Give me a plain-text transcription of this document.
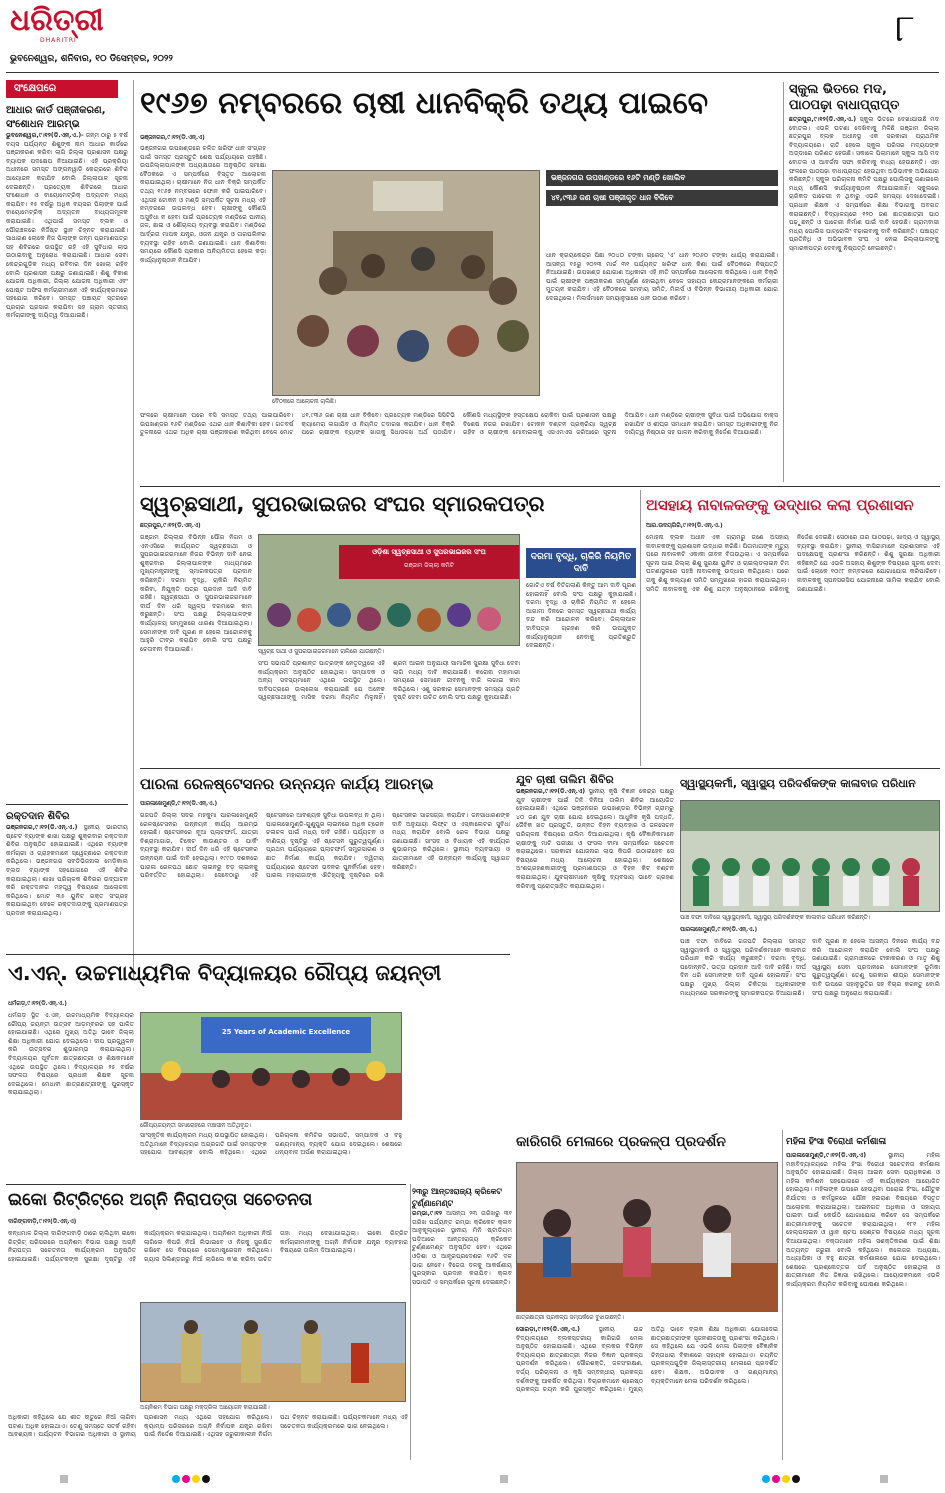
ଧରିତ୍ରୀ
DHARITRI
ଭୁବନେଶ୍ୱର, ଶନିବାର, ୧୦ ଡିସେମ୍ବର, ୨୦୨୨
୮
ସଂକ୍ଷେପରେ
ଆଧାର କାର୍ଡ ପଞ୍ଜୀକରଣ, ସଂଶୋଧନ ଆରମ୍ଭ
ଭୁବନେଶ୍ୱର,୯।୧୨(ଡି.ଏନ୍.ଏ.)- ଜନ୍ମ ଠାରୁ ୫ ବର୍ଷ ବୟସ ପର୍ଯ୍ୟନ୍ତ ଶିଶୁଙ୍କ ନାମ ଆଧାର କାର୍ଡରେ ପଞ୍ଜୀକରଣ କରିବା ଲାଗି ଜିଲ୍ଲା ପ୍ରଶାସନ ପକ୍ଷରୁ ବ୍ୟାପକ ପଦକ୍ଷେପ ନିଆଯାଇଛି। ଏହି ପ୍ରକ୍ରିୟା ଅଧୀନରେ ସମସ୍ତ ଅଙ୍ଗନୱାଡ଼ି କେନ୍ଦ୍ରରେ ଶିବିର ଆୟୋଜନ କରାଯିବ ବୋଲି ଜିଲ୍ଲାପାଳ ସୂଚନା ଦେଇଛନ୍ତି। ପ୍ରତ୍ୟେକ ଶିବିରରେ ଆଧାର ସଂଶୋଧନ ଓ ବାୟୋମେଟ୍ରିକ୍ ଅଦ୍ୟତନ ମଧ୍ୟ କରାଯିବ। ୧୫ ବର୍ଷରୁ ଅଧିକ ବୟସର ପିଲାଙ୍କ ପାଇଁ ବାୟୋମେଟ୍ରିକ୍ ଅଦ୍ୟତନ ବାଧ୍ୟତାମୂଳକ କରାଯାଇଛି। ଏଥିପାଇଁ ସମସ୍ତ ବ୍ଲକ ଓ ପୌରାଞ୍ଚଳରେ ନିର୍ଦ୍ଦିଷ୍ଟ ସ୍ଥାନ ଚିହ୍ନଟ କରାଯାଇଛି। ସାଧାରଣ ଲୋକେ ନିଜ ପିଲାଙ୍କ ଜନ୍ମ ପ୍ରମାଣପତ୍ର ସହ ଶିବିରରେ ଉପସ୍ଥିତ ରହି ଏହି ସୁବିଧାର ଲାଭ ଉଠାଇବାକୁ ଅନୁରୋଧ କରାଯାଇଛି। ଆଧାର ସେବା କେନ୍ଦ୍ରଗୁଡ଼ିକ ମଧ୍ୟ ରବିବାର ଦିନ ଖୋଲା ରହିବ ବୋଲି ପ୍ରଶାସନ ପକ୍ଷରୁ ଜଣାଯାଇଛି। ଶିଶୁ ବିକାଶ ଯୋଜନା ଅଧିକାରୀ, ଜିଲ୍ଲା ଯୋଜନା ଅଧିକାରୀ ଏବଂ ପୋଷ୍ଟ ଅଫିସ କର୍ମଚାରୀମାନେ ଏହି କାର୍ଯ୍ୟକ୍ରମରେ ସହଯୋଗ କରିବେ। ସମସ୍ତ ପଞ୍ଚାୟତ ସ୍ତରରେ ପ୍ରଚାର ପ୍ରସାର କରାଯିବା ସହ ଗ୍ରାମ ସ୍ତରୀୟ କର୍ମଚାରୀଙ୍କୁ ଦାୟିତ୍ୱ ଦିଆଯାଇଛି।
ରକ୍ତଦାନ ଶିବିର
ଭଞ୍ଜନଗର,୯।୧୨(ଡି.ଏନ୍.ଏ.) ସ୍ଥାନୀୟ ଭାରତୀୟ ଷ୍ଟେଟ ବ୍ୟାଙ୍କ ଶାଖା ପକ୍ଷରୁ ଶୁକ୍ରବାର ରକ୍ତଦାନ ଶିବିର ଅନୁଷ୍ଠିତ ହୋଇଯାଇଛି। ଏଥିରେ ବ୍ୟାଙ୍କ କର୍ମଚାରୀ ଓ ଗ୍ରାହକମାନେ ସ୍ୱେଚ୍ଛାରେ ରକ୍ତଦାନ କରିଥିଲେ। ଭଞ୍ଜନଗର ସବଡିଭିଜନାଲ ମେଡ଼ିକାଲ ବ୍ଲଡ ବ୍ୟାଙ୍କ ସହଯୋଗରେ ଏହି ଶିବିର କରାଯାଇଥିଲା। ଶାଖା ପରିଚାଳକ ଶିବିରର ଉଦ୍‌ଘାଟନ କରି ରକ୍ତଦାନର ମହତ୍ତ୍ୱ ବିଷୟରେ ଆଲୋଚନା କରିଥିଲେ। ମୋଟ ୩୫ ୟୁନିଟ ରକ୍ତ ସଂଗ୍ରହ କରାଯାଇଥିବା ବେଳେ ରକ୍ତଦାତାଙ୍କୁ ପ୍ରମାଣପତ୍ର ପ୍ରଦାନ କରାଯାଇଥିଲା।
୧୯୬୭ ନମ୍ବରରେ ଚାଷୀ ଧାନବିକ୍ରି ତଥ୍ୟ ପାଇବେ
ଭଞ୍ଜନଗର,୯।୧୨(ଡି.ଏନ୍.ଏ)
ଭଞ୍ଜନଗର ଉପଖଣ୍ଡରେ ଚଳିତ ଖରିଫ ଧାନ ସଂଗ୍ରହ ପାଇଁ ସମସ୍ତ ପ୍ରସ୍ତୁତି ଶେଷ ପର୍ଯ୍ୟାୟରେ ପହଞ୍ଚିଛି। ଉପଜିଲ୍ଲାପାଳଙ୍କ ଅଧ୍ୟକ୍ଷତାରେ ଅନୁଷ୍ଠିତ ସମୀକ୍ଷା ବୈଠକରେ ଏ ସମ୍ପର୍କରେ ବିସ୍ତୃତ ଆଲୋଚନା କରାଯାଇଥିଲା। ଚାଷୀମାନେ ନିଜ ଧାନ ବିକ୍ରି ସମ୍ପର୍କିତ ତଥ୍ୟ ୧୯୬୭ ନମ୍ବରରେ ଫୋନ କରି ପାଇପାରିବେ। ଏଥିସହ ଟୋକନ ଓ ମଣ୍ଡି ସମ୍ପର୍କିତ ସୂଚନା ମଧ୍ୟ ଏହି ନମ୍ବରରେ ଉପଲବ୍ଧ ହେବ। ଚାଷୀଙ୍କୁ କୌଣସି ଅସୁବିଧା ନ ହେବା ପାଇଁ ପ୍ରତ୍ୟେକ ମଣ୍ଡିରେ ପାନୀୟ ଜଳ, ଛାଇ ଓ ଶୌଚାଳୟ ବ୍ୟବସ୍ଥା କରାଯିବ। ମଣ୍ଡିରେ ଆର୍ଦ୍ରତା ମାପକ ଯନ୍ତ୍ର, ଓଜନ ଯନ୍ତ୍ର ଓ ତାରପଲିନର ବ୍ୟବସ୍ଥା ରହିବ ବୋଲି ଜଣାଯାଇଛି। ଧାନ କିଣାବିକା ସମୟରେ କୌଣସି ପ୍ରକାର ଅନିୟମିତତା ହେଲେ କଡ଼ା କାର୍ଯ୍ୟାନୁଷ୍ଠାନ ନିଆଯିବ।
ବୈଠକରେ ଆଲୋଚନା ଚାଲିଛି।
ଭଞ୍ଜନଗର ଉପଖଣ୍ଡରେ ୧୬ଟି ମଣ୍ଡି ଖୋଲିବ
୪୧,୯୩୬ ଜଣ ଚାଷୀ ପଞ୍ଜୀକୃତ ଧାନ ବିକିବେ
ଧାନ କ୍ରୟକେନ୍ଦ୍ର ପିଛା ୨୦୪୦ ଟଙ୍କା ଗ୍ରେଡ୍ 'ଏ' ଧାନ ୨୦୬୦ ଟଙ୍କା ଧାର୍ଯ୍ୟ କରାଯାଇଛି। ଆସନ୍ତା ୧୫ରୁ ୨୦୨୩ ମାର୍ଚ୍ଚ ୩୧ ପର୍ଯ୍ୟନ୍ତ ଖରିଫ ଧାନ କିଣା ପାଇଁ ବୈଠକରେ ନିଷ୍ପତ୍ତି ନିଆଯାଇଛି। ଉପଖଣ୍ଡ ଯୋଗାଣ ଅଧିକାରୀ ଏହି ନୀତି ସମ୍ପର୍କରେ ଆଲୋଚନା କରିଥିଲେ। ଧାନ ବିକ୍ରି ପାଇଁ ଚାଷୀଙ୍କ ପଞ୍ଜୀକରଣ ସମ୍ପୂର୍ଣ୍ଣ ହୋଇଥିବା ବେଳେ ସହାୟତା କେନ୍ଦ୍ରମାନଙ୍କରେ କର୍ମଚାରୀ ମୁତୟନ କରାଯିବ। ଏହି ବୈଠକରେ ସମବାୟ ସମିତି, ମିଲର୍ସ ଓ ବିଭିନ୍ନ ବିଭାଗୀୟ ଅଧିକାରୀ ଯୋଗ ଦେଇଥିଲେ। ମିଲର୍ସମାନେ ସମୟାନୁସାରେ ଧାନ ଉଠାଣ କରିବେ।
ଫଳରେ ଚାଷୀମାନେ ଘରେ ବସି ସମସ୍ତ ତଥ୍ୟ ପାଇପାରିବେ। ଉପଖଣ୍ଡର ୧୬ଟି ମଣ୍ଡିରେ ଏଥର ଧାନ କିଣାବିକା ହେବ। ଗତବର୍ଷ ତୁଳନାରେ ଏଥର ଅଧିକ ଚାଷୀ ପଞ୍ଜୀକରଣ କରିଥିବା ବେଳେ ମୋଟ ୪୧,୯୩୬ ଜଣ ଚାଷୀ ଧାନ ବିକିବେ। ପ୍ରତ୍ୟେକ ମଣ୍ଡିରେ ସିସିଟିଭି କ୍ୟାମେରା ଲଗାଯିବ ଓ ନିୟମିତ ତଦାରଖ କରାଯିବ। ଧାନ ବିକ୍ରି ପରେ ଚାଷୀଙ୍କ ବ୍ୟାଙ୍କ ଖାତାକୁ ସିଧାସଳଖ ଅର୍ଥ ପଠାଯିବ। କୌଣସି ମଧ୍ୟସ୍ଥିଙ୍କ ହସ୍ତକ୍ଷେପ ରୋକିବା ପାଇଁ ପ୍ରଶାସନ ପକ୍ଷରୁ ବିଶେଷ ନଜର ରଖାଯିବ। ଟୋକନ ବଣ୍ଟନ ପ୍ରକ୍ରିୟା ସ୍ୱଚ୍ଛ ରହିବ ଓ ଚାଷୀଙ୍କ ମୋବାଇଲକୁ ଏସଏମଏସ ଜରିଆରେ ସୂଚନା ଦିଆଯିବ। ଧାନ ମଣ୍ଡିରେ ଚାଷୀଙ୍କ ସୁବିଧା ପାଇଁ ଅଭିଯୋଗ ବାକ୍ସ ରଖାଯିବ ଓ ଶୀଘ୍ର ସମାଧାନ କରାଯିବ। ସମସ୍ତ ଅଧିକାରୀଙ୍କୁ ନିଜ ଦାୟିତ୍ୱ ନିଷ୍ଠାର ସହ ପାଳନ କରିବାକୁ ନିର୍ଦ୍ଦେଶ ଦିଆଯାଇଛି।
ସ୍କୁଲ ଭିତରେ ମଦ,
ପାଠପଢ଼ା ବାଧାପ୍ରାପ୍ତ
ଛତ୍ରପୁର,୯।୧୨(ଡି.ଏନ୍.ଏ.) ସ୍କୁଲ ଭିତରେ ଦେଖାଯାଉଛି ମଦ ବୋତଲ। ଏଭଳି ଘଟଣା ଦେଖିବାକୁ ମିଳିଛି ଗଞ୍ଜାମ ଜିଲ୍ଲା ଛତ୍ରପୁର ବ୍ଲକ ଅଧୀନସ୍ଥ ଏକ ସରକାରୀ ପ୍ରାଥମିକ ବିଦ୍ୟାଳୟରେ। ରାତି ହେଲେ ସ୍କୁଲ ପରିସର ମଦ୍ୟପଙ୍କ ଅଡ୍ଡାରେ ପରିଣତ ହେଉଛି। ସକାଳେ ପିଲାମାନେ ସ୍କୁଲ ଆସି ମଦ ବୋତଲ ଓ ଆବର୍ଜନା ସଫା କରିବାକୁ ବାଧ୍ୟ ହେଉଛନ୍ତି। ଏହା ଫଳରେ ପାଠପଢ଼ା ବାଧାପ୍ରାପ୍ତ ହେଉଥିବା ଅଭିଭାବକ ଅଭିଯୋଗ କରିଛନ୍ତି। ସ୍କୁଲ ପରିଚାଳନା କମିଟି ପକ୍ଷରୁ ପୋଲିସକୁ ଜଣାଇଲେ ମଧ୍ୟ କୌଣସି କାର୍ଯ୍ୟାନୁଷ୍ଠାନ ନିଆଯାଇନାହିଁ। ସ୍କୁଲରେ ଚାରିକଡ଼ ପାଚେରୀ ନ ଥିବାରୁ ଏଭଳି ସମସ୍ୟା ଦେଖାଦେଇଛି। ପ୍ରଧାନ ଶିକ୍ଷକ ଏ ସମ୍ପର୍କରେ ଶିକ୍ଷା ବିଭାଗକୁ ଅବଗତ କରାଇଛନ୍ତି। ବିଦ୍ୟାଳୟରେ ୧୨୦ ଜଣ ଛାତ୍ରଛାତ୍ରୀ ପାଠ ପଢ଼ୁଛନ୍ତି ଓ ପାଚେରୀ ନିର୍ମାଣ ପାଇଁ ଦାବି ହେଉଛି। ଗ୍ରାମବାସୀ ମଧ୍ୟ ପୋଲିସ ପାଟ୍ରୋଲିଂ ବଢ଼ାଇବାକୁ ଦାବି କରିଛନ୍ତି। ପଞ୍ଚାୟତ ପ୍ରତିନିଧି ଓ ଅଭିଭାବକ ସଂଘ ଏ ନେଇ ଜିଲ୍ଲାପାଳଙ୍କୁ ସ୍ମାରକପତ୍ର ଦେବାକୁ ନିଷ୍ପତ୍ତି ନେଇଛନ୍ତି।
ସ୍ୱଚ୍ଛସାଥୀ, ସୁପରଭାଇଜର ସଂଘର ସ୍ମାରକପତ୍ର
ଛତ୍ରପୁର,୯।୧୨(ଡି.ଏନ୍.ଏ)
ଗଞ୍ଜାମ ଜିଲ୍ଲାର ବିଭିନ୍ନ ପୌର ନିଗମ ଓ ଏନଏସିରେ କାର୍ଯ୍ୟରତ ସ୍ୱଚ୍ଛସାଥୀ ଓ ସୁପରଭାଇଜରମାନେ ନିଜର ବିଭିନ୍ନ ଦାବି ନେଇ ଶୁକ୍ରବାର ଜିଲ୍ଲାପାଳଙ୍କ ମାଧ୍ୟମରେ ମୁଖ୍ୟମନ୍ତ୍ରୀଙ୍କୁ ସ୍ମାରକପତ୍ର ପ୍ରଦାନ କରିଛନ୍ତି। ଦରମା ବୃଦ୍ଧି, ଚାକିରି ନିୟମିତ କରିବା, ନିଯୁକ୍ତି ପତ୍ର ପ୍ରଦାନ ଆଦି ଦାବି ରହିଛି। ସ୍ୱଚ୍ଛସାଥୀ ଓ ସୁପରଭାଇଜରମାନେ ଦୀର୍ଘ ଦିନ ଧରି ସ୍ୱଳ୍ପ ଦରମାରେ କାମ କରୁଛନ୍ତି। ସଂଘ ପକ୍ଷରୁ ଜିଲ୍ଲାପାଳଙ୍କ କାର୍ଯ୍ୟାଳୟ ସମ୍ମୁଖରେ ଧାରଣା ଦିଆଯାଇଥିଲା। ସେମାନଙ୍କ ଦାବି ପୂରଣ ନ ହେଲେ ଆନ୍ଦୋଳନକୁ ଆହୁରି ତୀବ୍ର କରାଯିବ ବୋଲି ସଂଘ ପକ୍ଷରୁ ଚେତାବନୀ ଦିଆଯାଇଛି।
ଓଡ଼ିଶା ସ୍ୱଚ୍ଛସାଥୀ ଓ ସୁପରଭାଇଜର ସଂଘ
ଗଞ୍ଜାମ ଜିଲ୍ଲା କମିଟି
ସ୍ୱଚ୍ଛ ସାଥୀ ଓ ସୁପରଭାଇଜରମାନେ ରାଲିରେ ଯାଉଛନ୍ତି।
ସଂଘ ସଭାପତି ପ୍ରଶାନ୍ତ ପାତ୍ରଙ୍କ ନେତୃତ୍ୱରେ ଏହି କାର୍ଯ୍ୟକ୍ରମ ଅନୁଷ୍ଠିତ ହୋଇଥିଲା। ସମ୍ପାଦକ ଓ ଅନ୍ୟ ସଦସ୍ୟମାନେ ଏଥିରେ ଉପସ୍ଥିତ ଥିଲେ। ଦାବିପତ୍ରରେ ଉଲ୍ଲେଖ କରାଯାଇଛି ଯେ ଅନେକ ସ୍ୱଚ୍ଛସାଥୀଙ୍କୁ ମାସିକ ଦରମା ନିୟମିତ ମିଳୁନାହିଁ। ଶ୍ରମ ଆଇନ ଅନୁଯାୟୀ ସାମାଜିକ ସୁରକ୍ଷା ସୁବିଧା ଦେବା ଲାଗି ମଧ୍ୟ ଦାବି କରାଯାଇଛି। କରୋନା ମହାମାରୀ ସମୟରେ ସେମାନେ ଜୀବନକୁ ବାଜି ଲଗାଇ କାମ କରିଥିଲେ। ଏଣୁ ସରକାର ସେମାନଙ୍କ ସମସ୍ୟା ପ୍ରତି ଦୃଷ୍ଟି ଦେବା ଉଚିତ ବୋଲି ସଂଘ ପକ୍ଷରୁ କୁହାଯାଇଛି।
ଦରମା ବୃଦ୍ଧି, ଚାକିରି ନିୟମିତ ଦାବି
ଗୋଟିଏ ବର୍ଷ ବିତିଗଲାଣି କିନ୍ତୁ ଆମ ଦାବି ପୂରଣ ହୋଇନାହିଁ ବୋଲି ସଂଘ ପକ୍ଷରୁ କୁହାଯାଇଛି। ଦରମା ବୃଦ୍ଧି ଓ ଚାକିରି ନିୟମିତ ନ ହେଲେ ଆଗାମୀ ଦିନରେ ସମସ୍ତ ସ୍ୱଚ୍ଛସାଥୀ କାର୍ଯ୍ୟ ବନ୍ଦ କରି ଆନ୍ଦୋଳନ କରିବେ। ଜିଲ୍ଲାପାଳ ଦାବିପତ୍ର ଗ୍ରହଣ କରି ଉପଯୁକ୍ତ କାର୍ଯ୍ୟାନୁଷ୍ଠାନ ନେବାକୁ ପ୍ରତିଶ୍ରୁତି ଦେଇଛନ୍ତି।
ଅସହାୟ ନାବାଳକଙ୍କୁ ଉଦ୍ଧାର କଲା ପ୍ରଶାସନ
ଆର.ଉଦୟଗିରି,୯।୧୨(ଡି.ଏନ୍.ଏ.)
ମୋହନା ବ୍ଲକ ଅଧୀନ ଏକ ଗ୍ରାମରୁ ଜଣେ ଅସହାୟ ନାବାଳକଙ୍କୁ ପ୍ରଶାସନ ଉଦ୍ଧାର କରିଛି। ପିତାମାତାଙ୍କ ମୃତ୍ୟୁ ପରେ ନାବାଳକଟି ଏକାକୀ ଜୀବନ ବିତାଉଥିଲା। ଏ ସମ୍ପର୍କରେ ସୂଚନା ପାଇ ଜିଲ୍ଲା ଶିଶୁ ସୁରକ୍ଷା ୟୁନିଟ ଓ ଚାଇଲ୍ଡଲାଇନ ଟିମ ଘଟଣାସ୍ଥଳରେ ପହଞ୍ଚି ନାବାଳକକୁ ଉଦ୍ଧାର କରିଥିଲେ। ପରେ ତାକୁ ଶିଶୁ କଲ୍ୟାଣ ସମିତି ସମ୍ମୁଖରେ ହାଜର କରାଯାଇଥିଲା। ସମିତି ନାବାଳକକୁ ଏକ ଶିଶୁ ଯତ୍ନ ଅନୁଷ୍ଠାନରେ ରଖିବାକୁ ନିର୍ଦ୍ଦେଶ ଦେଇଛି। ସେଠାରେ ତାର ପାଠପଢ଼ା, ଖାଦ୍ୟ ଓ ସ୍ୱାସ୍ଥ୍ୟ ବ୍ୟବସ୍ଥା କରାଯିବ। ସ୍ଥାନୀୟ ବାସିନ୍ଦାମାନେ ପ୍ରଶାସନର ଏହି ପଦକ୍ଷେପକୁ ପ୍ରଶଂସା କରିଛନ୍ତି। ଶିଶୁ ସୁରକ୍ଷା ଅଧିକାରୀ କହିଛନ୍ତି ଯେ ଏଭଳି ଅସହାୟ ଶିଶୁଙ୍କ ବିଷୟରେ ସୂଚନା ଦେବା ପାଇଁ ଲୋକେ ୧୦୯୮ ନମ୍ବରରେ ଯୋଗାଯୋଗ କରିପାରିବେ। ନାବାଳକକୁ ସ୍ପନସରସିପ ଯୋଜନାରେ ସାମିଲ କରାଯିବ ବୋଲି ଜଣାଯାଇଛି।
ପାରଳା ରେଳଷ୍ଟେସନର ଉନ୍ନୟନ କାର୍ଯ୍ୟ ଆରମ୍ଭ
ପାରଳାଖେମୁଣ୍ଡି,୯।୧୨(ଡି.ଏନ୍.ଏ.)
ଗଜପତି ଜିଲ୍ଲା ସଦର ମହକୁମା ପାରଳାଖେମୁଣ୍ଡି ରେଳଷ୍ଟେସନର ଉନ୍ନୟନ କାର୍ଯ୍ୟ ଆରମ୍ଭ ହୋଇଛି। ଷ୍ଟେସନରେ ନୂଆ ପ୍ଲାଟଫର୍ମ, ଯାତ୍ରୀ ବିଶ୍ରାମାଗାର, ଟିକେଟ କାଉଣ୍ଟର ଓ ପାର୍କିଂ ବ୍ୟବସ୍ଥା କରାଯିବ। ଦୀର୍ଘ ଦିନ ଧରି ଏହି ଷ୍ଟେସନର ଉନ୍ନୟନ ପାଇଁ ଦାବି ହେଉଥିଲା। ୧୯୯୦ ଦଶକରେ ପାରଳା ରେଳପଥ ଛୋଟ ଲାଇନରୁ ବଡ଼ ଲାଇନକୁ ପରିବର୍ତ୍ତିତ ହୋଇଥିଲା। ସେବେଠାରୁ ଏହି ଷ୍ଟେସନରେ ଆବଶ୍ୟକ ସୁବିଧା ଉପଲବ୍ଧ ନ ଥିଲା। ପାରଳାଖେମୁଣ୍ଡି-ଗୁଣୁପୁର ଲାଇନରେ ଅଧିକ ଟ୍ରେନ ଚଳାଚଳ ପାଇଁ ମଧ୍ୟ ଦାବି ରହିଛି। ପର୍ଯ୍ୟଟନ ଓ ବାଣିଜ୍ୟ ଦୃଷ୍ଟିରୁ ଏହି ଷ୍ଟେସନ ଗୁରୁତ୍ୱପୂର୍ଣ୍ଣ। ପ୍ରଥମ ପର୍ଯ୍ୟାୟରେ ପ୍ଲାଟଫର୍ମ ସମ୍ପ୍ରସାରଣ ଓ ଛାତ ନିର୍ମାଣ କାର୍ଯ୍ୟ କରାଯିବ। ଦ୍ୱିତୀୟ ପର୍ଯ୍ୟାୟରେ ଷ୍ଟେସନ ଭବନର ପୁନର୍ନିର୍ମାଣ ହେବ। ପାରଳା ମହାରାଜାଙ୍କ ଐତିହ୍ୟକୁ ଦୃଷ୍ଟିରେ ରଖି ଷ୍ଟେସନର ସାଜସଜ୍ଜା କରାଯିବ। ଜନସାଧାରଣଙ୍କ ଦାବି ଅନୁଯାୟୀ ଲିଫ୍ଟ ଓ ଏସ୍କାଲେଟର ସୁବିଧା ମଧ୍ୟ କରାଯିବ ବୋଲି ରେଳ ବିଭାଗ ପକ୍ଷରୁ ଜଣାଯାଇଛି। ସାଂସଦ ଓ ବିଧାୟକ ଏହି କାର୍ଯ୍ୟର ଶୁଭାରମ୍ଭ କରିଥିଲେ। ସ୍ଥାନୀୟ ବ୍ୟବସାୟୀ ଓ ଯାତ୍ରୀମାନେ ଏହି ଉନ୍ନୟନ କାର୍ଯ୍ୟକୁ ସ୍ୱାଗତ କରିଛନ୍ତି।
ଯୁବ ଚାଷୀ ତାଲିମ ଶିବିର
ଭଞ୍ଜନଗର,୯।୧୨(ଡି.ଏନ୍.ଏ) ସ୍ଥାନୀୟ କୃଷି ବିଜ୍ଞାନ କେନ୍ଦ୍ର ପକ୍ଷରୁ ଯୁବ ଚାଷୀଙ୍କ ପାଇଁ ତିନି ଦିନିଆ ତାଲିମ ଶିବିର ଆୟୋଜିତ ହୋଇଯାଇଛି। ଏଥିରେ ଭଞ୍ଜନଗର ଉପଖଣ୍ଡର ବିଭିନ୍ନ ଗ୍ରାମରୁ ୪୦ ଜଣ ଯୁବ ଚାଷୀ ଯୋଗ ଦେଇଥିଲେ। ଆଧୁନିକ କୃଷି ପଦ୍ଧତି, ଜୈବିକ ଖତ ପ୍ରସ୍ତୁତି, ଉନ୍ନତ ବିହନ ବ୍ୟବହାର ଓ ଜଳସେଚନ ପରିଚାଳନା ବିଷୟରେ ତାଲିମ ଦିଆଯାଇଥିଲା। କୃଷି ବୈଜ୍ଞାନିକମାନେ ଚାଷୀଙ୍କୁ ମାଟି ପରୀକ୍ଷା ଓ ଫସଲ ବୀମା ସମ୍ପର୍କରେ ସଚେତନ କରାଇଥିଲେ। ସରକାରୀ ଯୋଜନାର ଲାଭ କିପରି ଉଠାଇହେବ ସେ ବିଷୟରେ ମଧ୍ୟ ଆଲୋଚନା ହୋଇଥିଲା। ଶେଷରେ ଅଂଶଗ୍ରହଣକାରୀଙ୍କୁ ପ୍ରମାଣପତ୍ର ଓ ବିହନ କିଟ ବଣ୍ଟନ କରାଯାଇଥିଲା। ଯୁବଚାଷୀମାନେ କୃଷିକୁ ବ୍ୟବସାୟ ଭାବେ ଗ୍ରହଣ କରିବାକୁ ପ୍ରୋତ୍ସାହିତ କରାଯାଇଥିଲା।
ସ୍ୱାସ୍ଥ୍ୟକର୍ମୀ, ସ୍ୱାସ୍ଥ୍ୟ ପରିଦର୍ଶକଙ୍କ କାଳାବାଜ ପରିଧାନ
ପାଞ୍ଚ ଦଫା ଦାବିରେ ସ୍ୱାସ୍ଥ୍ୟକର୍ମୀ, ସ୍ୱାସ୍ଥ୍ୟ ପରିଦର୍ଶକଙ୍କ କାଳାବାଜ ପରିଧାନ କରିଛନ୍ତି।
ପାରଳାଖେମୁଣ୍ଡି,୯।୧୨(ଡି.ଏନ୍.ଏ.)
ପାଞ୍ଚ ଦଫା ଦାବିରେ ଗଜପତି ଜିଲ୍ଲାର ସମସ୍ତ ସ୍ୱାସ୍ଥ୍ୟକର୍ମୀ ଓ ସ୍ୱାସ୍ଥ୍ୟ ପରିଦର୍ଶକମାନେ କାଳାବାଜ ପରିଧାନ କରି କାର୍ଯ୍ୟ କରୁଛନ୍ତି। ଦରମା ବୃଦ୍ଧି, ପଦୋନ୍ନତି, ଭତ୍ତା ପ୍ରଦାନ ଆଦି ଦାବି ରହିଛି। ଦୀର୍ଘ ଦିନ ଧରି ସେମାନଙ୍କ ଦାବି ପୂରଣ ହୋଇନାହିଁ। ସଂଘ ପକ୍ଷରୁ ମୁଖ୍ୟ ଜିଲ୍ଲା ଚିକିତ୍ସା ଅଧିକାରୀଙ୍କ ମାଧ୍ୟମରେ ସରକାରଙ୍କୁ ସ୍ମାରକପତ୍ର ଦିଆଯାଇଛି।
ଦାବି ପୂରଣ ନ ହେଲେ ଆସନ୍ତା ଦିନରେ କାର୍ଯ୍ୟ ବନ୍ଦ କରି ଆନ୍ଦୋଳନ କରାଯିବ ବୋଲି ସଂଘ ପକ୍ଷରୁ ଜଣାଯାଇଛି। ଗ୍ରାମାଞ୍ଚଳରେ ଟୀକାକରଣ ଓ ମାତୃ ଶିଶୁ ସ୍ୱାସ୍ଥ୍ୟ ସେବା ପ୍ରଦାନରେ ସେମାନଙ୍କ ଭୂମିକା ଗୁରୁତ୍ୱପୂର୍ଣ୍ଣ। ତେଣୁ ସରକାର ଶୀଘ୍ର ସେମାନଙ୍କ ଦାବି ଉପରେ ସହାନୁଭୂତିର ସହ ବିଚାର କରନ୍ତୁ ବୋଲି ସଂଘ ପକ୍ଷରୁ ଅନୁରୋଧ କରାଯାଇଛି।
ଏ.ଏନ୍. ଉଚ୍ଚମାଧ୍ୟମିକ ବିଦ୍ୟାଳୟର ରୌପ୍ୟ ଜୟନ୍ତୀ
ଧର୍ମଗଡ଼,୯।୧୨(ଡି.ଏନ୍.ଏ.)
ଧର୍ମଗଡ଼ ସ୍ଥିତ ଏ.ଏନ୍. ଉଚ୍ଚମାଧ୍ୟମିକ ବିଦ୍ୟାଳୟର ରୌପ୍ୟ ଜୟନ୍ତୀ ଉତ୍ସବ ଆଡ଼ମ୍ବରର ସହ ପାଳିତ ହୋଇଯାଇଛି। ଏଥିରେ ମୁଖ୍ୟ ଅତିଥି ଭାବେ ଜିଲ୍ଲା ଶିକ୍ଷା ଅଧିକାରୀ ଯୋଗ ଦେଇଥିଲେ। ଦୀପ ପ୍ରଜ୍ଜ୍ୱଳନ କରି ଉତ୍ସବର ଶୁଭାରମ୍ଭ କରାଯାଇଥିଲା। ବିଦ୍ୟାଳୟର ପୂର୍ବତନ ଛାତ୍ରଛାତ୍ରୀ ଓ ଶିକ୍ଷକମାନେ ଏଥିରେ ଉପସ୍ଥିତ ଥିଲେ। ବିଦ୍ୟାଳୟର ୨୫ ବର୍ଷର ସଫଳତା ବିଷୟରେ ପ୍ରଧାନ ଶିକ୍ଷକ ସୂଚନା ଦେଇଥିଲେ। ମେଧାବୀ ଛାତ୍ରଛାତ୍ରୀଙ୍କୁ ପୁରସ୍କୃତ କରାଯାଇଥିଲା।
25 Years of Academic Excellence
ରୌପ୍ୟଜୟନ୍ତୀ ସମାରୋହରେ ମଞ୍ଚାସୀନ ଅତିଥିବୃନ୍ଦ।
ସାଂସ୍କୃତିକ କାର୍ଯ୍ୟକ୍ରମ ମଧ୍ୟ ଉପସ୍ଥାପିତ ହୋଇଥିଲା। ଅତିଥିମାନେ ବିଦ୍ୟାଳୟର ଅଗ୍ରଗତି ପାଇଁ ସମସ୍ତଙ୍କ ସହଯୋଗ ଆବଶ୍ୟକ ବୋଲି କହିଥିଲେ। ଏଥିରେ ପରିଚାଳନା କମିଟିର ସଭାପତି, ସମ୍ପାଦକ ଓ ବହୁ ଗଣ୍ୟମାନ୍ୟ ବ୍ୟକ୍ତି ଯୋଗ ଦେଇଥିଲେ। ଶେଷରେ ଧନ୍ୟବାଦ ଅର୍ପଣ କରାଯାଇଥିଲା।
ଇକୋ ରିଟ୍ରିଟ୍‌ରେ ଅଗ୍ନି ନିରାପତ୍ତା ସଚେତନତା
ଦାରିଙ୍ଗବାଡ଼ି,୯।୧୨(ଡି.ଏନ୍.ଏ)
କନ୍ଧମାଳ ଜିଲ୍ଲା ଦାରିଙ୍ଗବାଡ଼ି ଠାରେ ଚାଲିଥିବା ଇକୋ ରିଟ୍ରିଟ୍ ପରିସରରେ ଅଗ୍ନିଶମ ବିଭାଗ ପକ୍ଷରୁ ଅଗ୍ନି ନିରାପତ୍ତା ସଚେତନତା କାର୍ଯ୍ୟକ୍ରମ ଅନୁଷ୍ଠିତ ହୋଇଯାଇଛି। ପର୍ଯ୍ୟଟକଙ୍କ ସୁରକ୍ଷା ଦୃଷ୍ଟିରୁ ଏହି କାର୍ଯ୍ୟକ୍ରମ କରାଯାଇଥିଲା। ଅଗ୍ନିଶମ ଅଧିକାରୀ ନିଆଁ ଲାଗିଲେ କିପରି ନିଆଁ ଲିଭାଇବେ ଓ ନିଜକୁ ସୁରକ୍ଷିତ ରଖିବେ ସେ ବିଷୟରେ ଡେମୋଷ୍ଟ୍ରେସନ କରିଥିଲେ। ଗ୍ୟାସ ସିଲିଣ୍ଡରରୁ ନିଆଁ ଲାଗିଲେ କ'ଣ କରିବା ଉଚିତ ତାହା ମଧ୍ୟ ଦେଖାଯାଇଥିଲା। ଇକୋ ରିଟ୍ରିଟ କର୍ମଚାରୀମାନଙ୍କୁ ଅଗ୍ନି ନିର୍ବାପକ ଯନ୍ତ୍ର ବ୍ୟବହାର ବିଷୟରେ ତାଲିମ ଦିଆଯାଇଥିଲା।
ଅଗ୍ନିଶମ ବିଭାଗ ପକ୍ଷରୁ ମକ୍‌ଡ୍ରିଲ ଆୟୋଜନ କରାଯାଇଛି।
ଅଧିକାରୀ କହିଥିଲେ ଯେ ଶୀତ ଋତୁରେ ନିଆଁ ଲାଗିବା ଘଟଣା ଅଧିକ ହୋଇଥାଏ। ତେଣୁ ସମସ୍ତେ ସତର୍କ ରହିବା ଆବଶ୍ୟକ। ପର୍ଯ୍ୟଟନ ବିଭାଗର ଅଧିକାରୀ ଓ ସ୍ଥାନୀୟ ପ୍ରଶାସନ ମଧ୍ୟ ଏଥିରେ ସହଯୋଗ କରିଥିଲେ। କ୍ୟାମ୍ପ ପରିସରରେ ଅଗ୍ନି ନିର୍ବାପକ ଯନ୍ତ୍ର ରଖିବା ପାଇଁ ନିର୍ଦ୍ଦେଶ ଦିଆଯାଇଛି। ଏଥିସହ ଜରୁରୀକାଳୀନ ନିର୍ଗମ ପଥ ଚିହ୍ନଟ କରାଯାଇଛି। ପର୍ଯ୍ୟଟକମାନେ ମଧ୍ୟ ଏହି ସଚେତନତା କାର୍ଯ୍ୟକ୍ରମରେ ଭାଗ ନେଇଥିଲେ।
୨୩ରୁ ଆନ୍ତଃରାଜ୍ୟ କ୍ରିକେଟ ଟୁର୍ଣ୍ଣାମେଣ୍ଟ
ରମ୍ଭା,୯।୧୨ ଆସନ୍ତା ୨୩ ତାରିଖରୁ ୩୧ ତାରିଖ ପର୍ଯ୍ୟନ୍ତ ରମ୍ଭା କ୍ରିକେଟ କ୍ଲବ ଆନୁକୂଲ୍ୟରେ ସ୍ଥାନୀୟ ମିନି ଷ୍ଟାଡ଼ିୟମ ପଡ଼ିଆରେ ଆନ୍ତଃରାଜ୍ୟ କ୍ରିକେଟ ଟୁର୍ଣ୍ଣାମେଣ୍ଟ ଅନୁଷ୍ଠିତ ହେବ। ଏଥିରେ ଓଡ଼ିଶା ଓ ଆନ୍ଧ୍ରପ୍ରଦେଶର ୧୬ଟି ଦଳ ଭାଗ ନେବେ। ବିଜେତା ଦଳକୁ ଆକର୍ଷଣୀୟ ପୁରସ୍କାର ପ୍ରଦାନ କରାଯିବ। କ୍ଲବ ସଭାପତି ଏ ସମ୍ପର୍କରେ ସୂଚନା ଦେଇଛନ୍ତି।
କାରିଗରି ମେଳାରେ ପ୍ରକଳ୍ପ ପ୍ରଦର୍ଶନ
ଛାତ୍ରଛାତ୍ରୀ ପ୍ରକଳ୍ପ ସମ୍ପର୍କରେ ବୁଝାଉଛନ୍ତି।
ସୋରଡ଼ା,୯।୧୨(ଡି.ଏନ୍.ଏ.)	ସ୍ଥାନୀୟ ଉଚ୍ଚ ବିଦ୍ୟାଳୟରେ ବ୍ଲକସ୍ତରୀୟ କାରିଗରି ମେଳା ଅନୁଷ୍ଠିତ ହୋଇଯାଇଛି। ଏଥିରେ ବ୍ଲକର ବିଭିନ୍ନ ବିଦ୍ୟାଳୟର ଛାତ୍ରଛାତ୍ରୀ ନିଜର ବିଜ୍ଞାନ ପ୍ରକଳ୍ପ ପ୍ରଦର୍ଶନ କରିଥିଲେ। ସୌରଶକ୍ତି, ଜଳସଂରକ୍ଷଣ, ବର୍ଜ୍ୟ ପରିଚାଳନା ଓ କୃଷି ସମ୍ବନ୍ଧୀୟ ପ୍ରକଳ୍ପ ଦର୍ଶକଙ୍କୁ ଆକର୍ଷିତ କରିଥିଲା। ବିଚାରକମାନେ ଶ୍ରେଷ୍ଠ ପ୍ରକଳ୍ପ ଚୟନ କରି ପୁରସ୍କୃତ କରିଥିଲେ। ମୁଖ୍ୟ ଅତିଥି ଭାବେ ବ୍ଲକ ଶିକ୍ଷା ଅଧିକାରୀ ଯୋଗଦେଇ ଛାତ୍ରଛାତ୍ରୀଙ୍କ ସୃଜନଶୀଳତାକୁ ପ୍ରଶଂସା କରିଥିଲେ। ସେ କହିଥିଲେ ଯେ ଏଭଳି ମେଳା ପିଲାଙ୍କ ବୈଜ୍ଞାନିକ ଚିନ୍ତାଧାରା ବିକାଶରେ ସହାୟକ ହୋଇଥାଏ। ଚୟନିତ ପ୍ରକଳ୍ପଗୁଡ଼ିକ ଜିଲ୍ଲାସ୍ତରୀୟ ମେଳାରେ ପ୍ରଦର୍ଶିତ ହେବ। ଶିକ୍ଷକ, ଅଭିଭାବକ ଓ ଗଣ୍ୟମାନ୍ୟ ବ୍ୟକ୍ତିମାନେ ମେଳା ପରିଦର୍ଶନ କରିଥିଲେ।
ମହିଳା ହିଂସା ବିରୋଧୀ କର୍ମଶାଳା
ପାରଳାଖେମୁଣ୍ଡି,୯।୧୨(ଡି.ଏନ୍.ଏ)	ସ୍ଥାନୀୟ ମହିଳା ମହାବିଦ୍ୟାଳୟରେ ମହିଳା ହିଂସା ବିରୋଧୀ ସଚେତନତା କର୍ମଶାଳା ଅନୁଷ୍ଠିତ ହୋଇଯାଇଛି। ଜିଲ୍ଲା ଆଇନ ସେବା ପ୍ରାଧିକରଣ ଓ ମହିଳା କମିଶନ ସହଯୋଗରେ ଏହି କାର୍ଯ୍ୟକ୍ରମ ଆୟୋଜିତ ହୋଇଥିଲା। ମହିଳାଙ୍କ ଉପରେ ହେଉଥିବା ଘରୋଇ ହିଂସା, ଯୌତୁକ ନିର୍ଯାତନା ଓ କର୍ମସ୍ଥଳରେ ଯୌନ ହଇରାଣ ବିଷୟରେ ବିସ୍ତୃତ ଆଲୋଚନା କରାଯାଇଥିଲା। ଆଇନଗତ ଅଧିକାର ଓ ସହାୟତା ପାଇବା ପାଇଁ କେଉଁଠି ଯୋଗାଯୋଗ କରିବେ ସେ ସମ୍ପର୍କରେ ଛାତ୍ରୀମାନଙ୍କୁ ସଚେତନ କରାଯାଇଥିଲା। ୧୮୧ ମହିଳା ହେଲ୍ପଲାଇନ ଓ ୱାନ ଷ୍ଟପ ସେଣ୍ଟର ବିଷୟରେ ମଧ୍ୟ ସୂଚନା ଦିଆଯାଇଥିଲା। ବକ୍ତାମାନେ ମହିଳା ସଶକ୍ତିକରଣ ପାଇଁ ଶିକ୍ଷା ଅତ୍ୟନ୍ତ ଜରୁରୀ ବୋଲି କହିଥିଲେ। କଲେଜର ଅଧ୍ୟକ୍ଷା, ଅଧ୍ୟାପିକା ଓ ବହୁ ଛାତ୍ରୀ କର୍ମଶାଳାରେ ଯୋଗ ଦେଇଥିଲେ। ଶେଷରେ ପ୍ରଶ୍ନୋତ୍ତର ପର୍ବ ଅନୁଷ୍ଠିତ ହୋଇଥିଲା ଓ ଛାତ୍ରୀମାନେ ନିଜ ଜିଜ୍ଞାସା ରଖିଥିଲେ। ଆୟୋଜକମାନେ ଏଭଳି କାର୍ଯ୍ୟକ୍ରମ ନିୟମିତ କରିବାକୁ ଘୋଷଣା କରିଥିଲେ।
